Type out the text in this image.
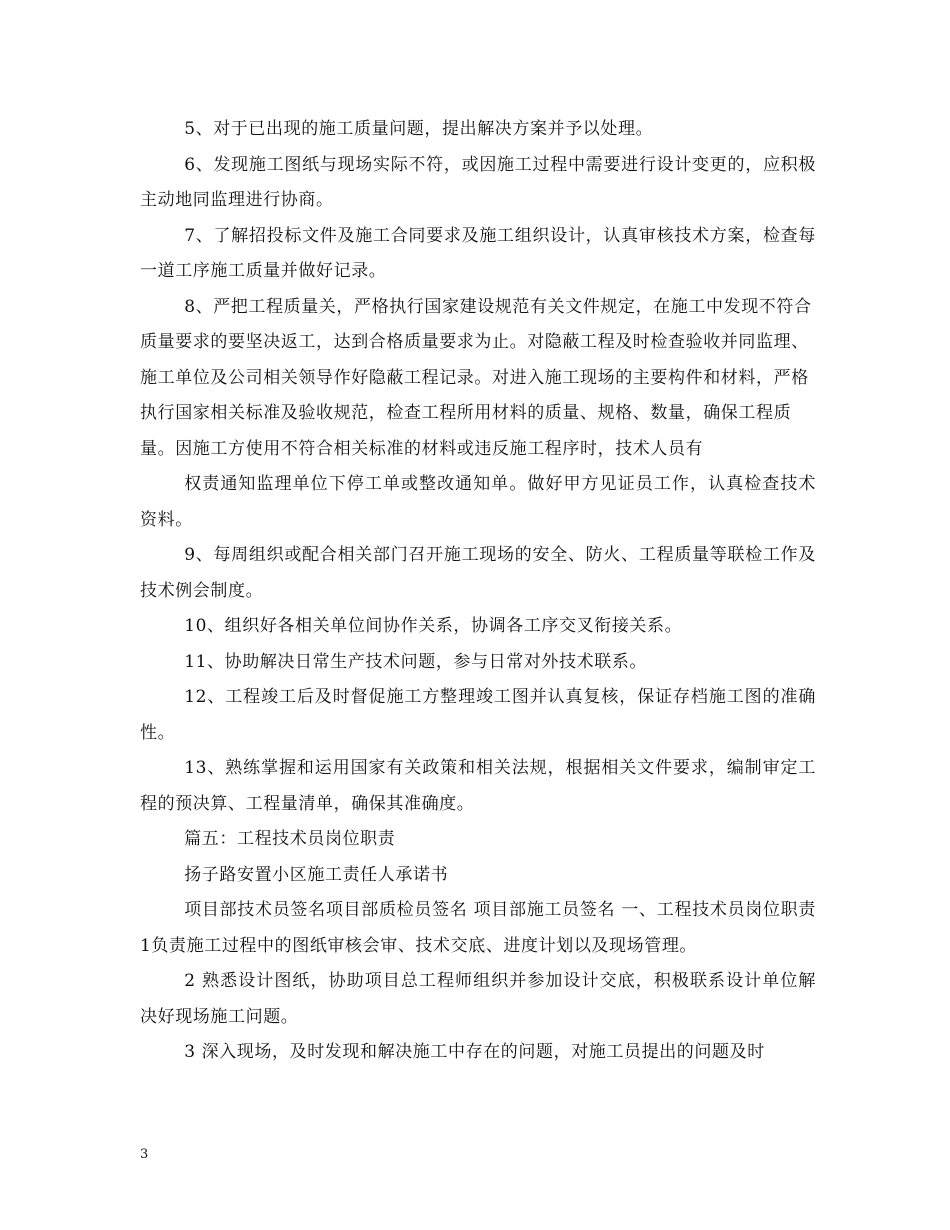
5、对于已出现的施工质量问题，提出解决方案并予以处理。

6、发现施工图纸与现场实际不符，或因施工过程中需要进行设计变更的，应积极主动地同监理进行协商。

7、了解招投标文件及施工合同要求及施工组织设计，认真审核技术方案，检查每一道工序施工质量并做好记录。

8、严把工程质量关，严格执行国家建设规范有关文件规定，在施工中发现不符合质量要求的要坚决返工，达到合格质量要求为止。对隐蔽工程及时检查验收并同监理、施工单位及公司相关领导作好隐蔽工程记录。对进入施工现场的主要构件和材料，严格执行国家相关标准及验收规范，检查工程所用材料的质量、规格、数量，确保工程质量。因施工方使用不符合相关标准的材料或违反施工程序时，技术人员有

权责通知监理单位下停工单或整改通知单。做好甲方见证员工作，认真检查技术资料。

9、每周组织或配合相关部门召开施工现场的安全、防火、工程质量等联检工作及技术例会制度。

10、组织好各相关单位间协作关系，协调各工序交叉衔接关系。

11、协助解决日常生产技术问题，参与日常对外技术联系。

12、工程竣工后及时督促施工方整理竣工图并认真复核，保证存档施工图的准确性。

13、熟练掌握和运用国家有关政策和相关法规，根据相关文件要求，编制审定工程的预决算、工程量清单，确保其准确度。

篇五：工程技术员岗位职责

扬子路安置小区施工责任人承诺书

项目部技术员签名项目部质检员签名 项目部施工员签名 一、工程技术员岗位职责 1负责施工过程中的图纸审核会审、技术交底、进度计划以及现场管理。

2 熟悉设计图纸，协助项目总工程师组织并参加设计交底，积极联系设计单位解决好现场施工问题。

3 深入现场，及时发现和解决施工中存在的问题，对施工员提出的问题及时

3
